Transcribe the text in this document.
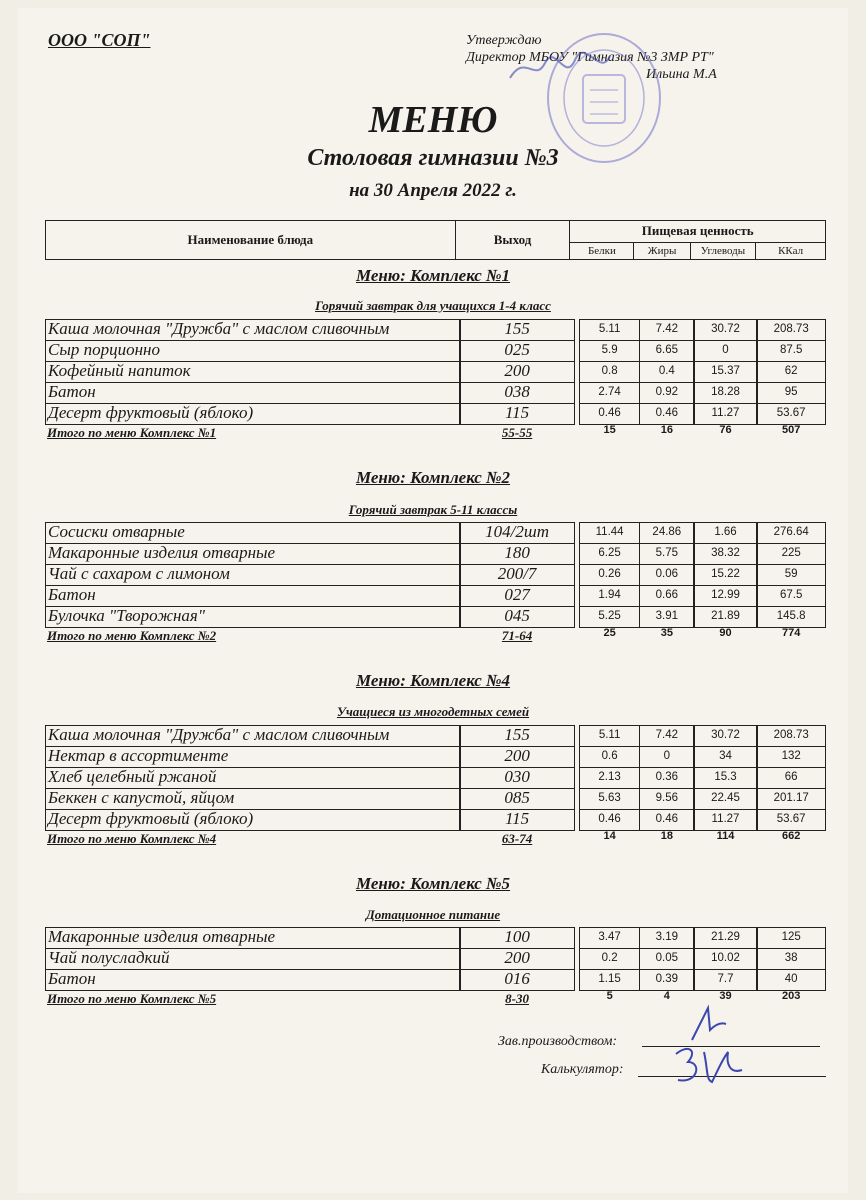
ООО "СОП"	Утверждаю
Директор МБОУ "Гимназия №3 ЗМР РТ"
Ильина М.А
МЕНЮ
Столовая гимназии №3
на 30 Апреля 2022 г.
Наименование блюда	Выход	Пищевая ценность			
		Белки	Жиры	Углеводы	ККал
Меню: Комплекс №1
Горячий завтрак для учащихся 1-4 класс
Каша молочная "Дружба" с маслом сливочным	155	5.11	7.42	30.72	208.73
Сыр порционно	025	5.9	6.65	0	87.5
Кофейный напиток	200	0.8	0.4	15.37	62
Батон	038	2.74	0.92	18.28	95
Десерт фруктовый (яблоко)	115	0.46	0.46	11.27	53.67
Итого по меню Комплекс №1	55-55	15	16	76	507
Меню: Комплекс №2
Горячий завтрак 5-11 классы
Сосиски отварные	104/2шт	11.44	24.86	1.66	276.64
Макаронные изделия отварные	180	6.25	5.75	38.32	225
Чай с сахаром с лимоном	200/7	0.26	0.06	15.22	59
Батон	027	1.94	0.66	12.99	67.5
Булочка "Творожная"	045	5.25	3.91	21.89	145.8
Итого по меню Комплекс №2	71-64	25	35	90	774
Меню: Комплекс №4
Учащиеся из многодетных семей
Каша молочная "Дружба" с маслом сливочным	155	5.11	7.42	30.72	208.73
Нектар в ассортименте	200	0.6	0	34	132
Хлеб целебный ржаной	030	2.13	0.36	15.3	66
Беккен с капустой, яйцом	085	5.63	9.56	22.45	201.17
Десерт фруктовый (яблоко)	115	0.46	0.46	11.27	53.67
Итого по меню Комплекс №4	63-74	14	18	114	662
Меню: Комплекс №5
Дотационное питание
Макаронные изделия отварные	100	3.47	3.19	21.29	125
Чай полусладкий	200	0.2	0.05	10.02	38
Батон	016	1.15	0.39	7.7	40
Итого по меню Комплекс №5	8-30	5	4	39	203
Зав.производством:
Калькулятор:
